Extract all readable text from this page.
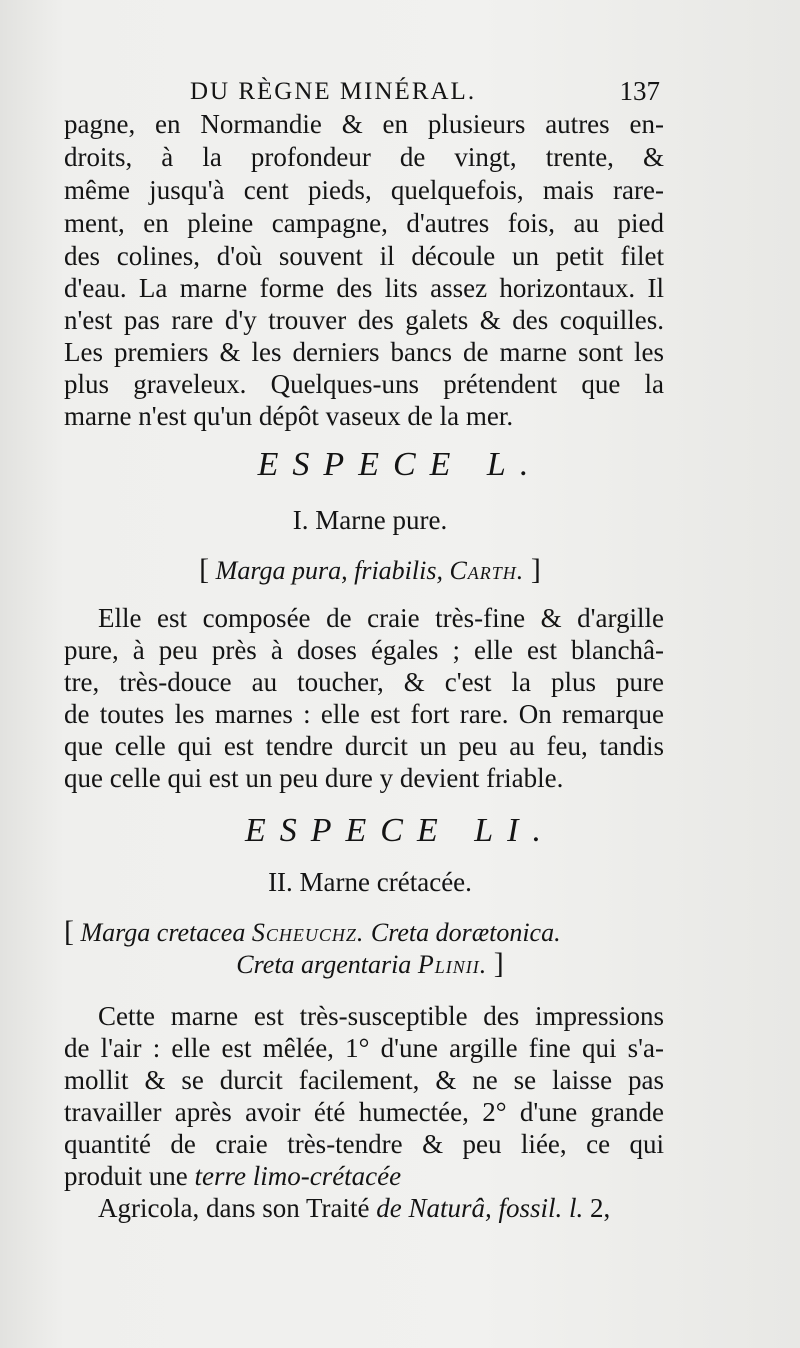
DU RÈGNE MINÉRAL.	137
pagne, en Normandie & en plusieurs autres en-
droits, à la profondeur de vingt, trente, &
même jusqu'à cent pieds, quelquefois, mais rare-
ment, en pleine campagne, d'autres fois, au pied
des colines, d'où souvent il découle un petit filet
d'eau. La marne forme des lits assez horizontaux. Il
n'est pas rare d'y trouver des galets & des coquilles.
Les premiers & les derniers bancs de marne sont les
plus graveleux. Quelques-uns prétendent que la
marne n'est qu'un dépôt vaseux de la mer.
ESPECE L.
I. Marne pure.
[ Marga pura, friabilis, Carth. ]
Elle est composée de craie très-fine & d'argille
pure, à peu près à doses égales ; elle est blanchâ-
tre, très-douce au toucher, & c'est la plus pure
de toutes les marnes : elle est fort rare. On remarque
que celle qui est tendre durcit un peu au feu, tandis
que celle qui est un peu dure y devient friable.
ESPECE LI.
II. Marne crétacée.
[ Marga cretacea Scheuchz. Creta dorætonica.
Creta argentaria Plinii. ]
Cette marne est très-susceptible des impressions
de l'air : elle est mêlée, 1° d'une argille fine qui s'a-
mollit & se durcit facilement, & ne se laisse pas
travailler après avoir été humectée, 2° d'une grande
quantité de craie très-tendre & peu liée, ce qui
produit une terre limo-crétacée
Agricola, dans son Traité de Naturâ, fossil. l. 2,
